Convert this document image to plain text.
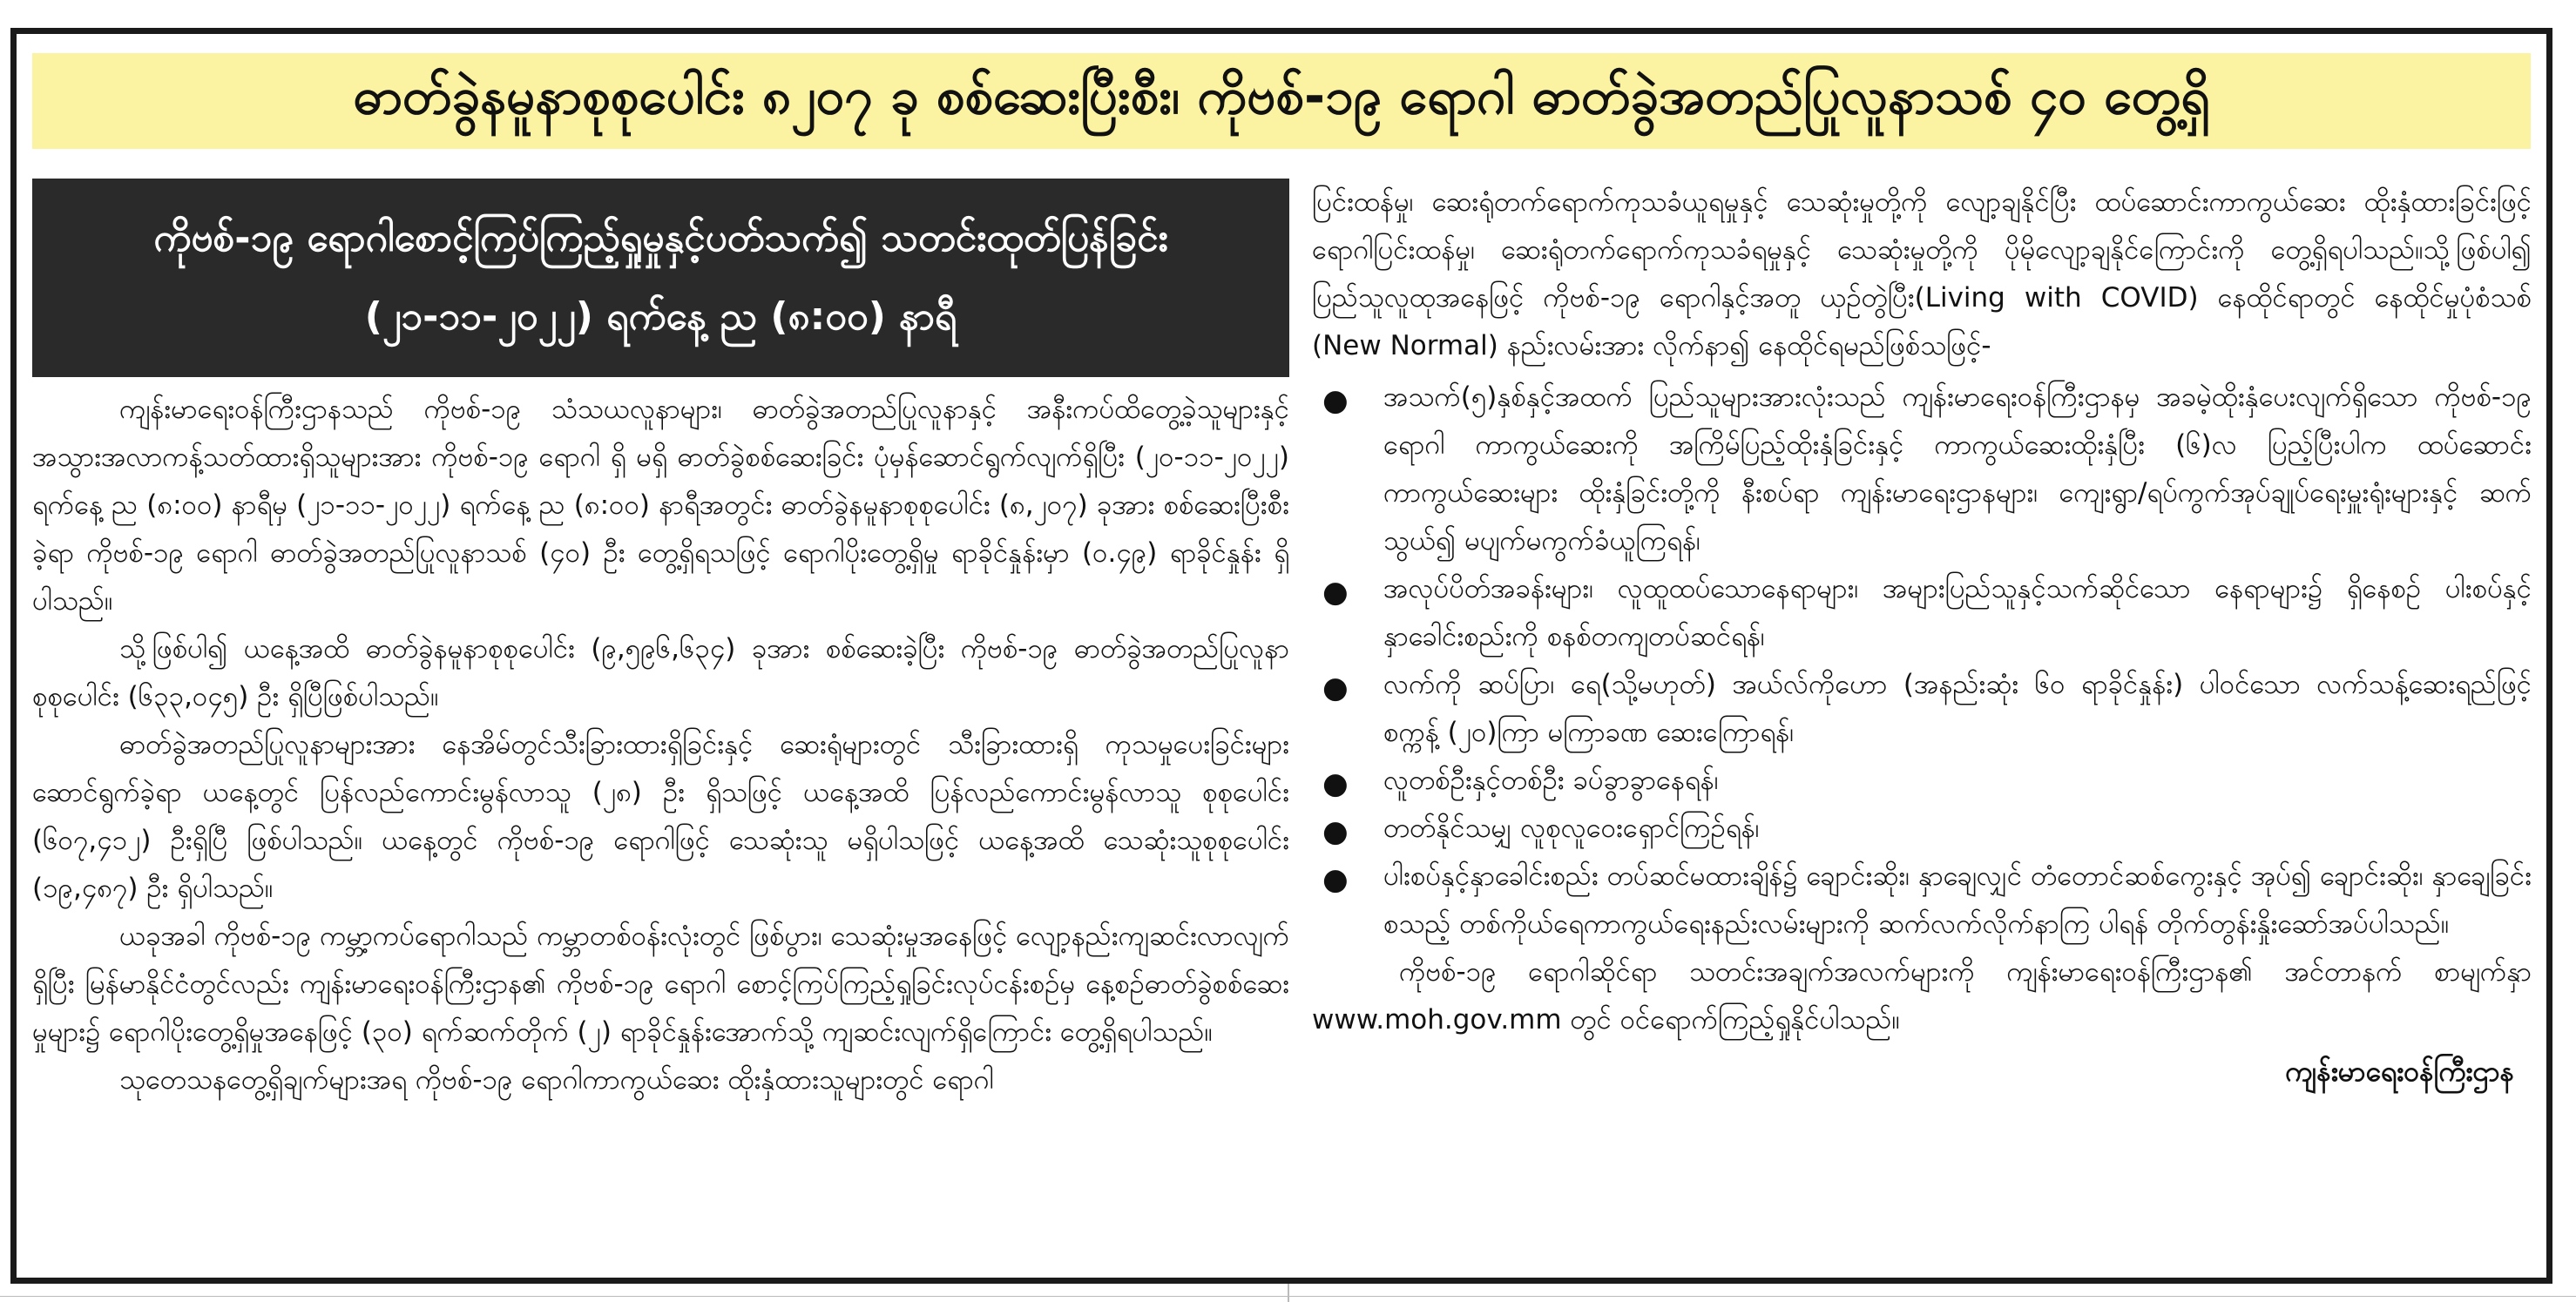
ဓာတ်ခွဲနမူနာစုစုပေါင်း ၈၂၀၇ ခု စစ်ဆေးပြီးစီး၊ ကိုဗစ်-၁၉ ရောဂါ ဓာတ်ခွဲအတည်ပြုလူနာသစ် ၄၀ တွေ့ရှိ
ကိုဗစ်-၁၉ ရောဂါစောင့်ကြပ်ကြည့်ရှုမှုနှင့်ပတ်သက်၍ သတင်းထုတ်ပြန်ခြင်း
(၂၁-၁၁-၂၀၂၂) ရက်နေ့ ည (၈:၀၀) နာရီ

ကျန်းမာရေးဝန်ကြီးဌာနသည် ကိုဗစ်-၁၉ သံသယလူနာများ၊ ဓာတ်ခွဲအတည်ပြုလူနာနှင့် အနီးကပ်ထိတွေ့ခဲ့သူများနှင့် အသွားအလာကန့်သတ်ထားရှိသူများအား ကိုဗစ်-၁၉ ရောဂါ ရှိ မရှိ ဓာတ်ခွဲစစ်ဆေးခြင်း ပုံမှန်ဆောင်ရွက်လျက်ရှိပြီး (၂၀-၁၁-၂၀၂၂) ရက်နေ့ ည (၈:၀၀) နာရီမှ (၂၁-၁၁-၂၀၂၂) ရက်နေ့ ည (၈:၀၀) နာရီအတွင်း ဓာတ်ခွဲနမူနာစုစုပေါင်း (၈,၂၀၇) ခုအား စစ်ဆေးပြီးစီးခဲ့ရာ ကိုဗစ်-၁၉ ရောဂါ ဓာတ်ခွဲအတည်ပြုလူနာသစ် (၄၀) ဦး တွေ့ရှိရသဖြင့် ရောဂါပိုးတွေ့ရှိမှု ရာခိုင်နှုန်းမှာ (၀.၄၉) ရာခိုင်နှုန်း ရှိပါသည်။

သို့ဖြစ်ပါ၍ ယနေ့အထိ ဓာတ်ခွဲနမူနာစုစုပေါင်း (၉,၅၉၆,၆၃၄) ခုအား စစ်ဆေးခဲ့ပြီး ကိုဗစ်-၁၉ ဓာတ်ခွဲအတည်ပြုလူနာ စုစုပေါင်း (၆၃၃,၀၄၅) ဦး ရှိပြီဖြစ်ပါသည်။

ဓာတ်ခွဲအတည်ပြုလူနာများအား နေအိမ်တွင်သီးခြားထားရှိခြင်းနှင့် ဆေးရုံများတွင် သီးခြားထားရှိ ကုသမှုပေးခြင်းများ ဆောင်ရွက်ခဲ့ရာ ယနေ့တွင် ပြန်လည်ကောင်းမွန်လာသူ (၂၈) ဦး ရှိသဖြင့် ယနေ့အထိ ပြန်လည်ကောင်းမွန်လာသူ စုစုပေါင်း (၆၀၇,၄၁၂) ဦးရှိပြီ ဖြစ်ပါသည်။ ယနေ့တွင် ကိုဗစ်-၁၉ ရောဂါဖြင့် သေဆုံးသူ မရှိပါသဖြင့် ယနေ့အထိ သေဆုံးသူစုစုပေါင်း (၁၉,၄၈၇) ဦး ရှိပါသည်။

ယခုအခါ ကိုဗစ်-၁၉ ကမ္ဘာ့ကပ်ရောဂါသည် ကမ္ဘာတစ်ဝန်းလုံးတွင် ဖြစ်ပွား၊ သေဆုံးမှုအနေဖြင့် လျော့နည်းကျဆင်းလာလျက်ရှိပြီး မြန်မာနိုင်ငံတွင်လည်း ကျန်းမာရေးဝန်ကြီးဌာန၏ ကိုဗစ်-၁၉ ရောဂါ စောင့်ကြပ်ကြည့်ရှုခြင်းလုပ်ငန်းစဉ်မှ နေ့စဉ်ဓာတ်ခွဲစစ်ဆေးမှုများ၌ ရောဂါပိုးတွေ့ရှိမှုအနေဖြင့် (၃၀) ရက်ဆက်တိုက် (၂) ရာခိုင်နှုန်းအောက်သို့ ကျဆင်းလျက်ရှိကြောင်း တွေ့ရှိရပါသည်။

သုတေသနတွေ့ရှိချက်များအရ ကိုဗစ်-၁၉ ရောဂါကာကွယ်ဆေး ထိုးနှံထားသူများတွင် ရောဂါ

ပြင်းထန်မှု၊ ဆေးရုံတက်ရောက်ကုသခံယူရမှုနှင့် သေဆုံးမှုတို့ကို လျော့ချနိုင်ပြီး ထပ်ဆောင်းကာကွယ်ဆေး ထိုးနှံထားခြင်းဖြင့် ရောဂါပြင်းထန်မှု၊ ဆေးရုံတက်ရောက်ကုသခံရမှုနှင့် သေဆုံးမှုတို့ကို ပိုမိုလျော့ချနိုင်ကြောင်းကို တွေ့ရှိရပါသည်။သို့ဖြစ်ပါ၍ ပြည်သူလူထုအနေဖြင့် ကိုဗစ်-၁၉ ရောဂါနှင့်အတူ ယှဉ်တွဲပြီး(Living with COVID) နေထိုင်ရာတွင် နေထိုင်မှုပုံစံသစ် (New Normal) နည်းလမ်းအား လိုက်နာ၍ နေထိုင်ရမည်ဖြစ်သဖြင့်-

● အသက်(၅)နှစ်နှင့်အထက် ပြည်သူများအားလုံးသည် ကျန်းမာရေးဝန်ကြီးဌာနမှ အခမဲ့ထိုးနှံပေးလျက်ရှိသော ကိုဗစ်-၁၉ ရောဂါ ကာကွယ်ဆေးကို အကြိမ်ပြည့်ထိုးနှံခြင်းနှင့် ကာကွယ်ဆေးထိုးနှံပြီး (၆)လ ပြည့်ပြီးပါက ထပ်ဆောင်းကာကွယ်ဆေးများ ထိုးနှံခြင်းတို့ကို နီးစပ်ရာ ကျန်းမာရေးဌာနများ၊ ကျေးရွာ/ရပ်ကွက်အုပ်ချုပ်ရေးမှူးရုံးများနှင့် ဆက်သွယ်၍ မပျက်မကွက်ခံယူကြရန်၊
● အလုပ်ပိတ်အခန်းများ၊ လူထူထပ်သောနေရာများ၊ အများပြည်သူနှင့်သက်ဆိုင်သော နေရာများ၌ ရှိနေစဉ် ပါးစပ်နှင့်နှာခေါင်းစည်းကို စနစ်တကျတပ်ဆင်ရန်၊
● လက်ကို ဆပ်ပြာ၊ ရေ(သို့မဟုတ်) အယ်လ်ကိုဟော (အနည်းဆုံး ၆၀ ရာခိုင်နှုန်း) ပါဝင်သော လက်သန့်ဆေးရည်ဖြင့် စက္ကန့် (၂၀)ကြာ မကြာခဏ ဆေးကြောရန်၊
● လူတစ်ဦးနှင့်တစ်ဦး ခပ်ခွာခွာနေရန်၊
● တတ်နိုင်သမျှ လူစုလူဝေးရှောင်ကြဉ်ရန်၊
● ပါးစပ်နှင့်နှာခေါင်းစည်း တပ်ဆင်မထားချိန်၌ ချောင်းဆိုး၊ နှာချေလျှင် တံတောင်ဆစ်ကွေးနှင့် အုပ်၍ ချောင်းဆိုး၊ နှာချေခြင်း စသည့် တစ်ကိုယ်ရေကာကွယ်ရေးနည်းလမ်းများကို ဆက်လက်လိုက်နာကြ ပါရန် တိုက်တွန်းနှိုးဆော်အပ်ပါသည်။

ကိုဗစ်-၁၉ ရောဂါဆိုင်ရာ သတင်းအချက်အလက်များကို ကျန်းမာရေးဝန်ကြီးဌာန၏ အင်တာနက် စာမျက်နှာ www.moh.gov.mm တွင် ဝင်ရောက်ကြည့်ရှုနိုင်ပါသည်။

ကျန်းမာရေးဝန်ကြီးဌာန
